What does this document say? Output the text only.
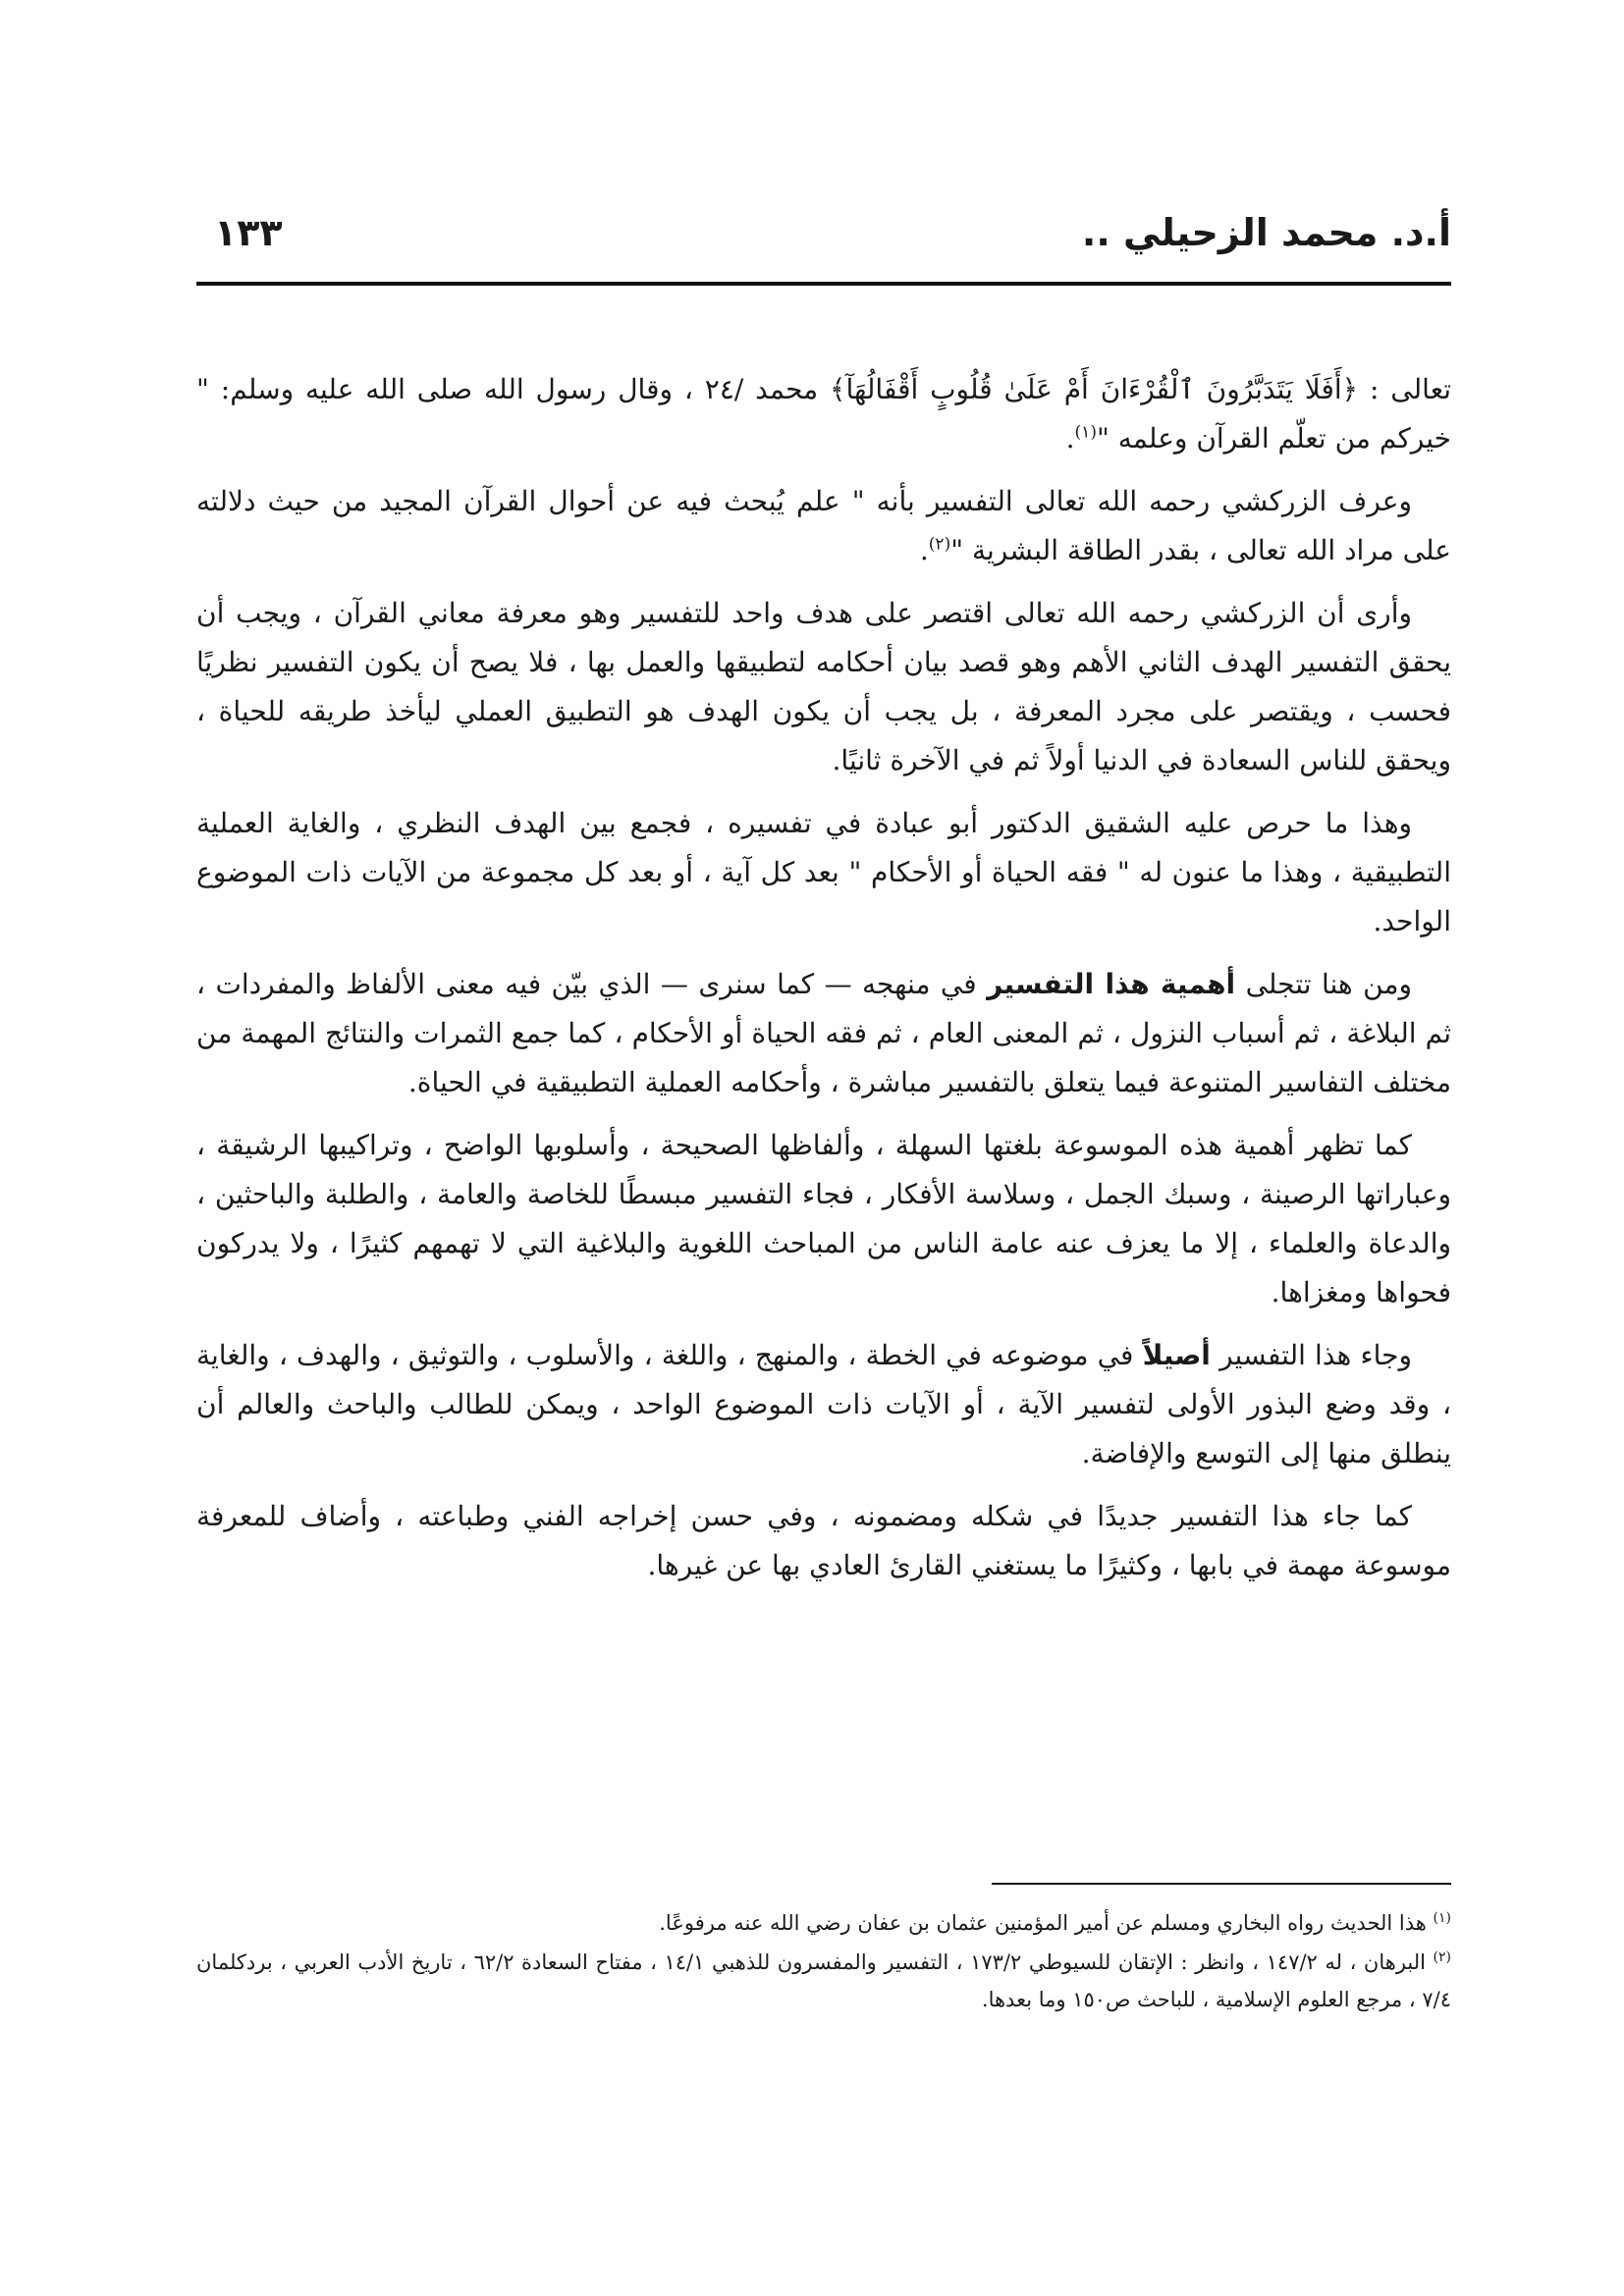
أ.د. محمد الزحيلي ..
١٣٣

تعالى : ﴿أَفَلَا يَتَدَبَّرُونَ ٱلْقُرْءَانَ أَمْ عَلَىٰ قُلُوبٍ أَقْفَالُهَآ﴾ محمد /٢٤ ، وقال رسول الله صلى الله عليه وسلم: " خيركم من تعلّم القرآن وعلمه "$^{(١)}$.

وعرف الزركشي رحمه الله تعالى التفسير بأنه " علم يُبحث فيه عن أحوال القرآن المجيد من حيث دلالته على مراد الله تعالى ، بقدر الطاقة البشرية "$^{(٢)}$.

وأرى أن الزركشي رحمه الله تعالى اقتصر على هدف واحد للتفسير وهو معرفة معاني القرآن ، ويجب أن يحقق التفسير الهدف الثاني الأهم وهو قصد بيان أحكامه لتطبيقها والعمل بها ، فلا يصح أن يكون التفسير نظريًا فحسب ، ويقتصر على مجرد المعرفة ، بل يجب أن يكون الهدف هو التطبيق العملي ليأخذ طريقه للحياة ، ويحقق للناس السعادة في الدنيا أولاً ثم في الآخرة ثانيًا.

وهذا ما حرص عليه الشقيق الدكتور أبو عبادة في تفسيره ، فجمع بين الهدف النظري ، والغاية العملية التطبيقية ، وهذا ما عنون له " فقه الحياة أو الأحكام " بعد كل آية ، أو بعد كل مجموعة من الآيات ذات الموضوع الواحد.

ومن هنا تتجلى أهمية هذا التفسير في منهجه — كما سنرى — الذي بيّن فيه معنى الألفاظ والمفردات ، ثم البلاغة ، ثم أسباب النزول ، ثم المعنى العام ، ثم فقه الحياة أو الأحكام ، كما جمع الثمرات والنتائج المهمة من مختلف التفاسير المتنوعة فيما يتعلق بالتفسير مباشرة ، وأحكامه العملية التطبيقية في الحياة.

كما تظهر أهمية هذه الموسوعة بلغتها السهلة ، وألفاظها الصحيحة ، وأسلوبها الواضح ، وتراكيبها الرشيقة ، وعباراتها الرصينة ، وسبك الجمل ، وسلاسة الأفكار ، فجاء التفسير مبسطًا للخاصة والعامة ، والطلبة والباحثين ، والدعاة والعلماء ، إلا ما يعزف عنه عامة الناس من المباحث اللغوية والبلاغية التي لا تهمهم كثيرًا ، ولا يدركون فحواها ومغزاها.

وجاء هذا التفسير أصيلاً في موضوعه في الخطة ، والمنهج ، واللغة ، والأسلوب ، والتوثيق ، والهدف ، والغاية ، وقد وضع البذور الأولى لتفسير الآية ، أو الآيات ذات الموضوع الواحد ، ويمكن للطالب والباحث والعالم أن ينطلق منها إلى التوسع والإفاضة.

كما جاء هذا التفسير جديدًا في شكله ومضمونه ، وفي حسن إخراجه الفني وطباعته ، وأضاف للمعرفة موسوعة مهمة في بابها ، وكثيرًا ما يستغني القارئ العادي بها عن غيرها.

$^{(١)}$ هذا الحديث رواه البخاري ومسلم عن أمير المؤمنين عثمان بن عفان رضي الله عنه مرفوعًا.

$^{(٢)}$ البرهان ، له ١٤٧/٢ ، وانظر : الإتقان للسيوطي ١٧٣/٢ ، التفسير والمفسرون للذهبي ١٤/١ ، مفتاح السعادة ٦٢/٢ ، تاريخ الأدب العربي ، بردكلمان ٧/٤ ، مرجع العلوم الإسلامية ، للباحث ص١٥٠ وما بعدها.
